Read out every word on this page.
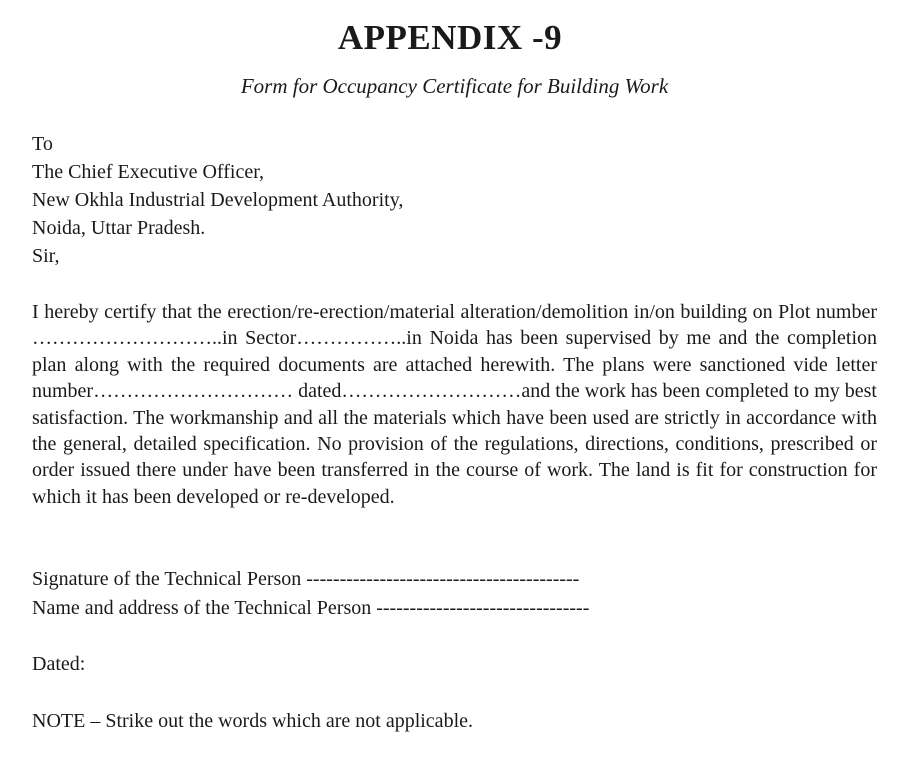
APPENDIX -9

Form for Occupancy Certificate for Building Work

To
The Chief Executive Officer,
New Okhla Industrial Development Authority,
Noida, Uttar Pradesh.
Sir,

I hereby certify that the erection/re-erection/material alteration/demolition in/on building on Plot number ………………………..in Sector……………..in Noida has been supervised by me and the completion plan along with the required documents are attached herewith. The plans were sanctioned vide letter number………………………… dated………………………and the work has been completed to my best satisfaction. The workmanship and all the materials which have been used are strictly in accordance with the general, detailed specification. No provision of the regulations, directions, conditions, prescribed or order issued there under have been transferred in the course of work. The land is fit for construction for which it has been developed or re-developed.

Signature of the Technical Person -----------------------------------------
Name and address of the Technical Person --------------------------------
Dated:
NOTE – Strike out the words which are not applicable.
